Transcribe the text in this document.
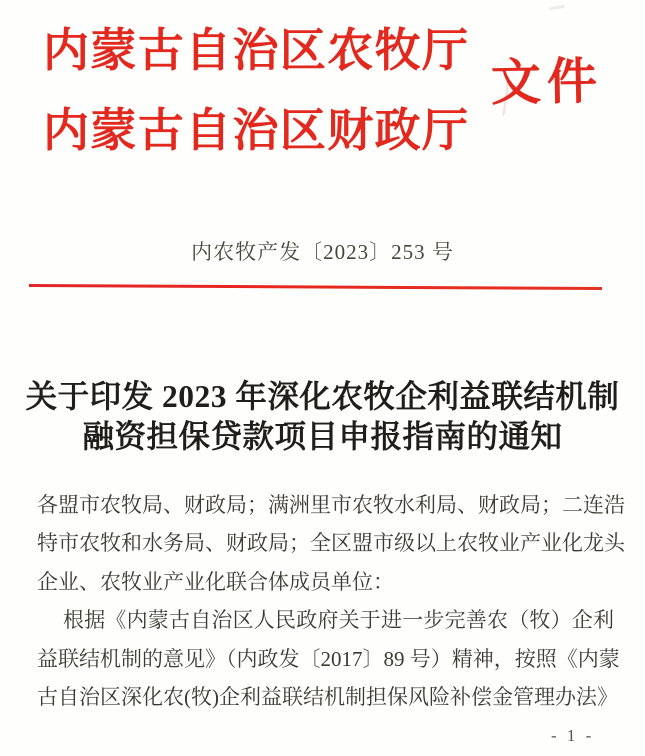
内蒙古自治区农牧厅
内蒙古自治区财政厅
文件
内农牧产发〔2023〕253 号
关于印发 2023 年深化农牧企利益联结机制
融资担保贷款项目申报指南的通知
各盟市农牧局、财政局；满洲里市农牧水利局、财政局；二连浩
特市农牧和水务局、财政局；全区盟市级以上农牧业产业化龙头
企业、农牧业产业化联合体成员单位：
根据《内蒙古自治区人民政府关于进一步完善农（牧）企利
益联结机制的意见》（内政发〔2017〕89 号）精神，按照《内蒙
古自治区深化农(牧)企利益联结机制担保风险补偿金管理办法》
- 1 -
